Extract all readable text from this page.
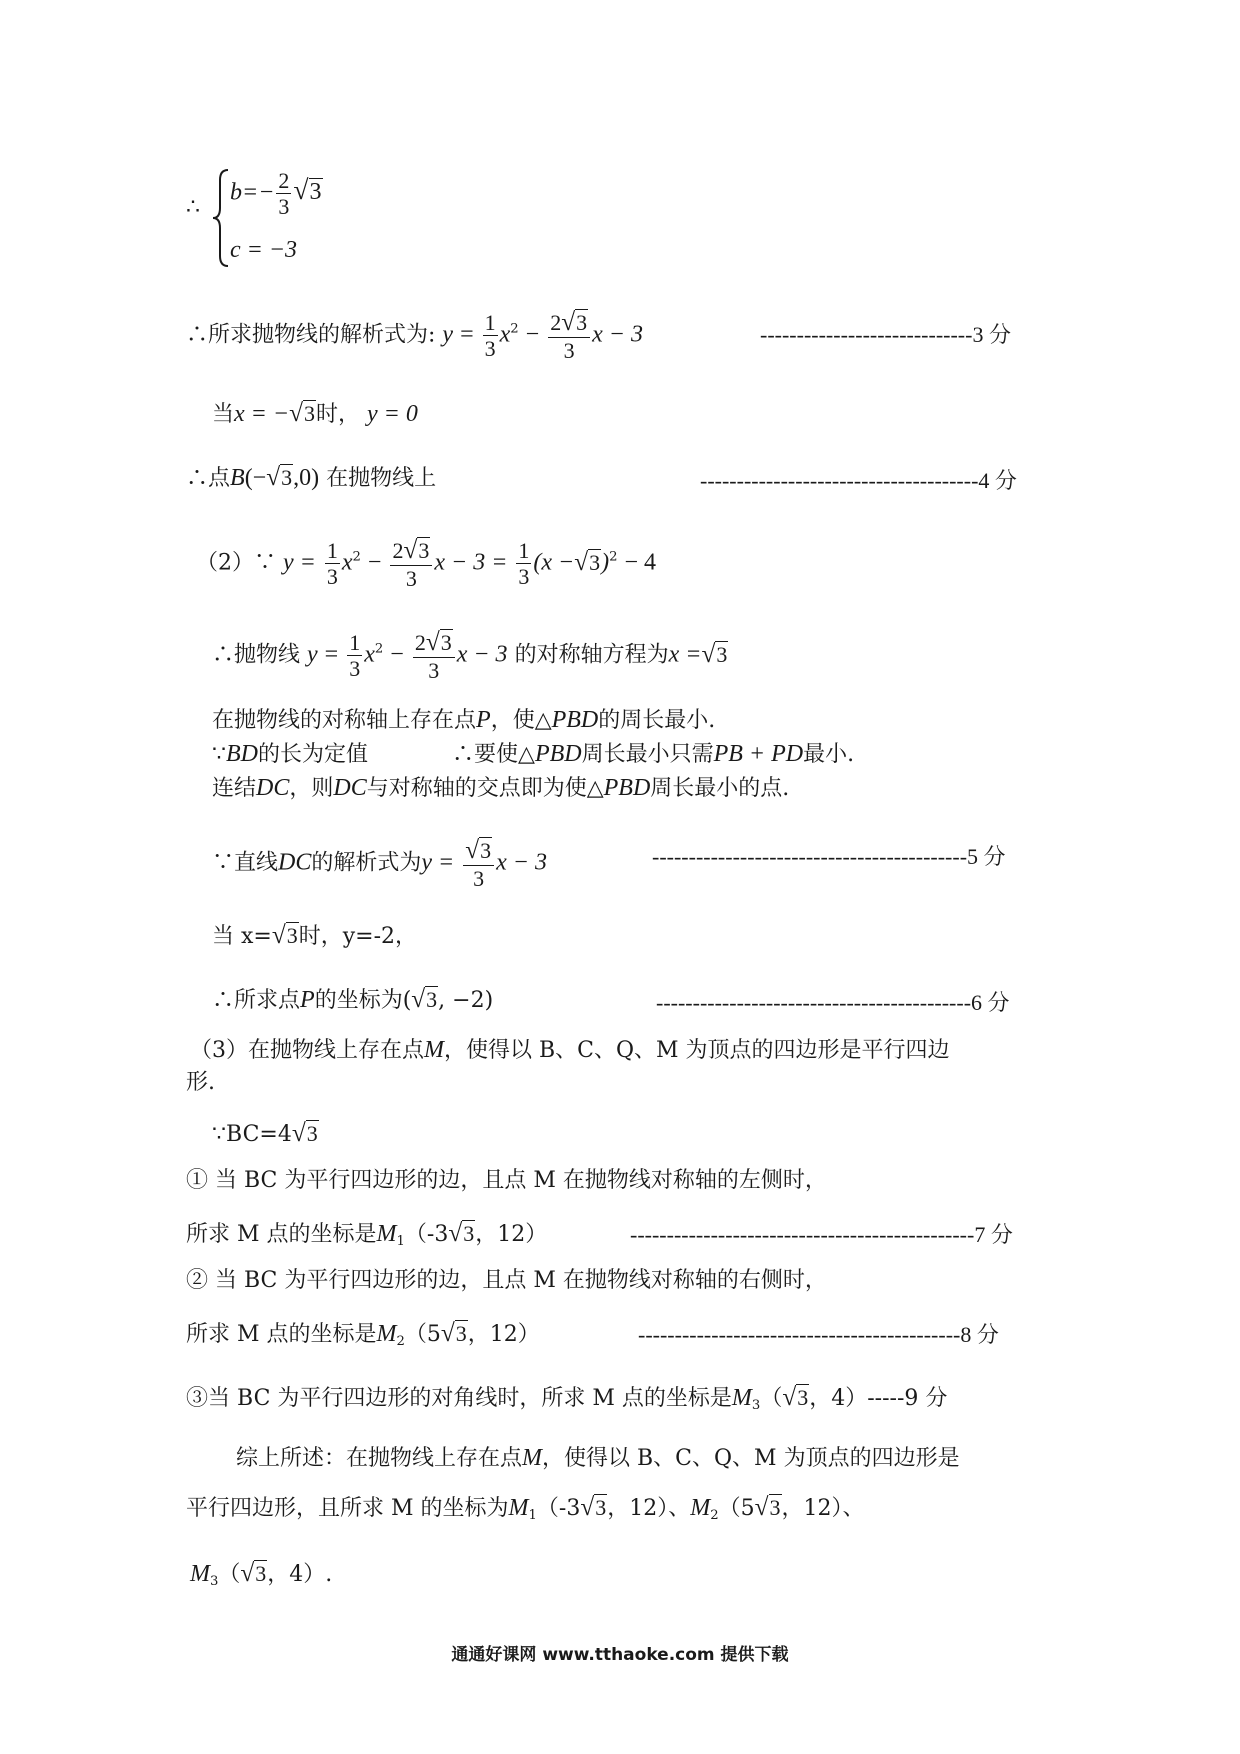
∴
$b=- \frac{2}{3} √3$
c = −3
∴所求抛物线的解析式为: $y = \frac{1}{3} x^2 - \frac{2√3}{3}$ x − 3	-----------------------------3 分
当x = −√3时， y = 0
∴点B(−√3,0) 在抛物线上	--------------------------------------4 分
（2）∵ $y = \frac{1}{3} x^2 - \frac{2√3}{3}$ $x - 3 = \frac{1}{3} (x -√3)^2 - 4$
∴抛物线 $y = \frac{1}{3} x^2 - \frac{2√3}{3}$ x − 3 的对称轴方程为x =√3
在抛物线的对称轴上存在点P，使△PBD的周长最小.
∵BD的长为定值	∴要使△PBD周长最小只需PB + PD最小.
连结DC，则DC与对称轴的交点即为使△PBD周长最小的点.
∵直线DC的解析式为$y = \frac{√3}{3}$ x − 3	-------------------------------------------5 分
当 x=√3时，y=-2，
∴所求点P的坐标为(√3, −2)	-------------------------------------------6 分
（3）在抛物线上存在点M，使得以 B、C、Q、M 为顶点的四边形是平行四边
形.
∵BC=4√3
① 当 BC 为平行四边形的边，且点 M 在抛物线对称轴的左侧时，
所求 M 点的坐标是$M_1(-3√3$，12）	-----------------------------------------------7 分
② 当 BC 为平行四边形的边，且点 M 在抛物线对称轴的右侧时，
所求 M 点的坐标是$M_2(5√3$，12）	--------------------------------------------8 分
③当 BC 为平行四边形的对角线时，所求 M 点的坐标是$M_3(√3$，4）-----9 分
综上所述：在抛物线上存在点M，使得以 B、C、Q、M 为顶点的四边形是
平行四边形，且所求 M 的坐标为$M_1(-3√3$，12）、$M_2(5√3$，12）、
$M_3(√3$，4）.
通通好课网 www.tthaoke.com 提供下载
